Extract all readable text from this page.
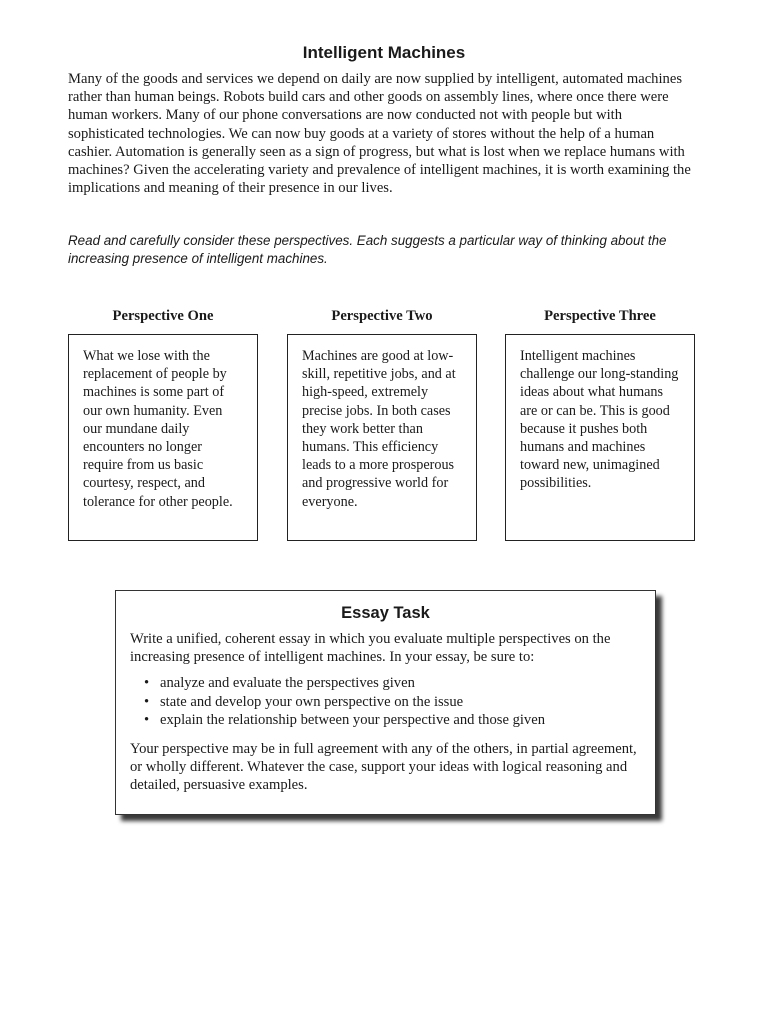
Intelligent Machines

Many of the goods and services we depend on daily are now supplied by intelligent, automated machines rather than human beings. Robots build cars and other goods on assembly lines, where once there were human workers. Many of our phone conversations are now conducted not with people but with sophisticated technologies. We can now buy goods at a variety of stores without the help of a human cashier. Automation is generally seen as a sign of progress, but what is lost when we replace humans with machines? Given the accelerating variety and prevalence of intelligent machines, it is worth examining the implications and meaning of their presence in our lives.

Read and carefully consider these perspectives. Each suggests a particular way of thinking about the increasing presence of intelligent machines.

Perspective One
What we lose with the replacement of people by machines is some part of our own humanity. Even our mundane daily encounters no longer require from us basic courtesy, respect, and tolerance for other people.
Perspective Two
Machines are good at low-skill, repetitive jobs, and at high-speed, extremely precise jobs. In both cases they work better than humans. This efficiency leads to a more prosperous and progressive world for everyone.
Perspective Three
Intelligent machines challenge our long-standing ideas about what humans are or can be. This is good because it pushes both humans and machines toward new, unimagined possibilities.
Essay Task

Write a unified, coherent essay in which you evaluate multiple perspectives on the increasing presence of intelligent machines. In your essay, be sure to:

• analyze and evaluate the perspectives given
• state and develop your own perspective on the issue
• explain the relationship between your perspective and those given

Your perspective may be in full agreement with any of the others, in partial agreement, or wholly different. Whatever the case, support your ideas with logical reasoning and detailed, persuasive examples.
